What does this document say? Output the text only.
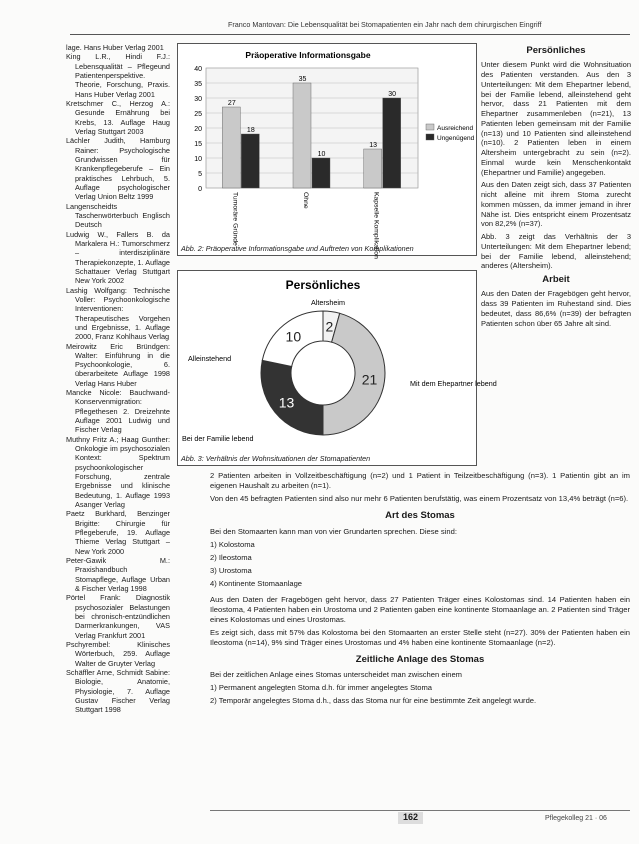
Franco Mantovan: Die Lebensqualität bei Stomapatienten ein Jahr nach dem chirurgischen Eingriff

lage. Hans Huber Verlag 2001

King L.R., Hindi F.J.: Lebensqualität – Pflegeund Patientenperspektive. Theorie, Forschung, Praxis. Hans Huber Verlag 2001

Kretschmer C., Herzog A.: Gesunde Ernährung bei Krebs, 13. Auflage Haug Verlag Stuttgart 2003

Lächler Judith, Hamburg Rainer: Psychologische Grundwissen für Krankenpflegeberufe – Ein praktisches Lehrbuch, 5. Auflage psychologischer Verlag Union Beltz 1999

Langenscheidts Taschenwörterbuch Englisch Deutsch

Ludwig W., Fallers B. da Markalera H.: Tumorschmerz – interdisziplinäre Therapiekonzepte, 1. Auflage Schattauer Verlag Stuttgart New York 2002

Lashig Wolfgang: Technische Voller: Psychoonkologische Interventionen: Therapeutisches Vorgehen und Ergebnisse, 1. Auflage 2000, Franz Kohlhaus Verlag

Meirowitz Eric Bründgen: Walter: Einführung in die Psychoonkologie, 6. überarbeitete Auflage 1998 Verlag Hans Huber

Mancke Nicole: Bauchwand-Konservenmigration: Pflegethesen 2. Dreizehnte Auflage 2001 Ludwig und Fischer Verlag

Muthny Fritz A.; Haag Gunther: Onkologie im psychosozialen Kontext: Spektrum psychoonkologischer Forschung, zentrale Ergebnisse und klinische Bedeutung, 1. Auflage 1993 Asanger Verlag

Paetz Burkhard, Benzinger Brigitte: Chirurgie für Pflegeberufe, 19. Auflage Thieme Verlag Stuttgart – New York 2000

Peter-Gawik M.: Praxishandbuch Stomapflege, Auflage Urban & Fischer Verlag 1998

Pörtel Frank: Diagnostik psychosozialer Belastungen bei chronisch-entzündlichen Darmerkrankungen, VAS Verlag Frankfurt 2001

Pschyrembel: Klinisches Wörterbuch, 259. Auflage Walter de Gruyter Verlag

Schäffler Arne, Schmidt Sabine: Biologie, Anatomie, Physiologie, 7. Auflage Gustav Fischer Verlag Stuttgart 1998

Präoperative Informationsgabe
0
5
10
15
20
25
30
35
40
27
18
Tumoräre Gründe
35
10
Ohne
13
30
Kapselle Komplikation
Ausreichend
Ungenügend
Abb. 2: Präoperative Informationsgabe und Auftreten von Komplikationen
Persönliches
2
Altersheim
21	Mit dem Ehepartner lebend
13
Bei der Familie lebend
10
Alleinstehend
Abb. 3: Verhältnis der Wohnsituationen der Stomapatienten
Persönliches

Unter diesem Punkt wird die Wohnsituation des Patienten verstanden. Aus den 3 Unterteilungen: Mit dem Ehepartner lebend, bei der Familie lebend, alleinstehend geht hervor, dass 21 Patienten mit dem Ehepartner zusammenleben (n=21), 13 Patienten leben gemeinsam mit der Familie (n=13) und 10 Patienten sind alleinstehend (n=10). 2 Patienten leben in einem Altersheim untergebracht zu sein (n=2). Einmal wurde kein Menschenkontakt (Ehepartner und Familie) angegeben.

Aus den Daten zeigt sich, dass 37 Patienten nicht alleine mit ihrem Stoma zurecht kommen müssen, da immer jemand in ihrer Nähe ist. Dies entspricht einem Prozentsatz von 82,2% (n=37).

Abb. 3 zeigt das Verhältnis der 3 Unterteilungen: Mit dem Ehepartner lebend; bei der Familie lebend, alleinstehend; anderes (Altersheim).

Arbeit

Aus den Daten der Fragebögen geht hervor, dass 39 Patienten im Ruhestand sind. Dies bedeutet, dass 86,6% (n=39) der befragten Patienten schon über 65 Jahre alt sind.

2 Patienten arbeiten in Vollzeitbeschäftigung (n=2) und 1 Patient in Teilzeitbeschäftigung (n=3). 1 Patientin gibt an im eigenen Haushalt zu arbeiten (n=1).

Von den 45 befragten Patienten sind also nur mehr 6 Patienten berufstätig, was einem Prozentsatz von 13,4% beträgt (n=6).

Art des Stomas

Bei den Stomaarten kann man von vier Grundarten sprechen. Diese sind:

1) Kolostoma
2) Ileostoma
3) Urostoma
4) Kontinente Stomaanlage

Aus den Daten der Fragebögen geht hervor, dass 27 Patienten Träger eines Kolostomas sind. 14 Patienten haben ein Ileostoma, 4 Patienten haben ein Urostoma und 2 Patienten gaben eine kontinente Stomaanlage an. 2 Patienten sind Träger eines Kolostomas und eines Urostomas.

Es zeigt sich, dass mit 57% das Kolostoma bei den Stomaarten an erster Stelle steht (n=27). 30% der Patienten haben ein Ileostoma (n=14), 9% sind Träger eines Urostomas und 4% haben eine kontinente Stomaanlage (n=2).

Zeitliche Anlage des Stomas

Bei der zeitlichen Anlage eines Stomas unterscheidet man zwischen einem

1) Permanent angelegten Stoma d.h. für immer angelegtes Stoma
2) Temporär angelegtes Stoma d.h., dass das Stoma nur für eine bestimmte Zeit angelegt wurde.
162	Pflegekolleg 21 · 06
